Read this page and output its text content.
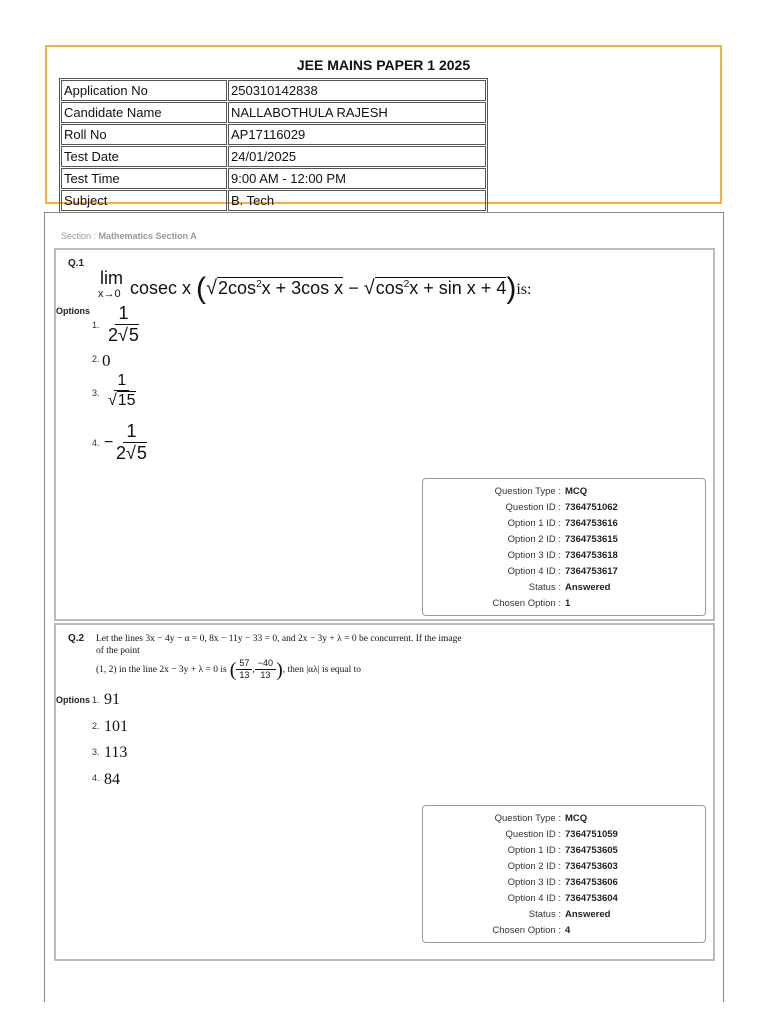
JEE MAINS PAPER 1 2025
Application No	250310142838
Candidate Name	NALLABOTHULA RAJESH
Roll No	AP17116029
Test Date	24/01/2025
Test Time	9:00 AM - 12:00 PM
Subject	B. Tech
Section : Mathematics Section A
Q.1
lim
x→0 cosec x ($√2\cos^2x + 3\cos$ $x - √\cos^2x + \sin x + 4)is$:
Options
1. $\frac{1}{2√5}$
2. 0
3. $\frac{1}{√15}$
4. − $\frac{1}{2√5}$
Question Type : MCQ
Question ID : 7364751062
Option 1 ID : 7364753616
Option 2 ID : 7364753615
Option 3 ID : 7364753618
Option 4 ID : 7364753617
Status : Answered
Chosen Option : 1
Q.2 Let the lines 3x − 4y − α = 0, 8x − 11y − 33 = 0, and 2x − 3y + λ = 0 be concurrent. If the image
of the point
(1, 2) in the line 2x − 3y + λ = 0 is ( $\frac{57}{13}$ , $\frac{-40}{13}$ ) , then |αλ| is equal to
Options 1. 91
2. 101
3. 113
4. 84
Question Type : MCQ
Question ID : 7364751059
Option 1 ID : 7364753605
Option 2 ID : 7364753603
Option 3 ID : 7364753606
Option 4 ID : 7364753604
Status : Answered
Chosen Option : 4
